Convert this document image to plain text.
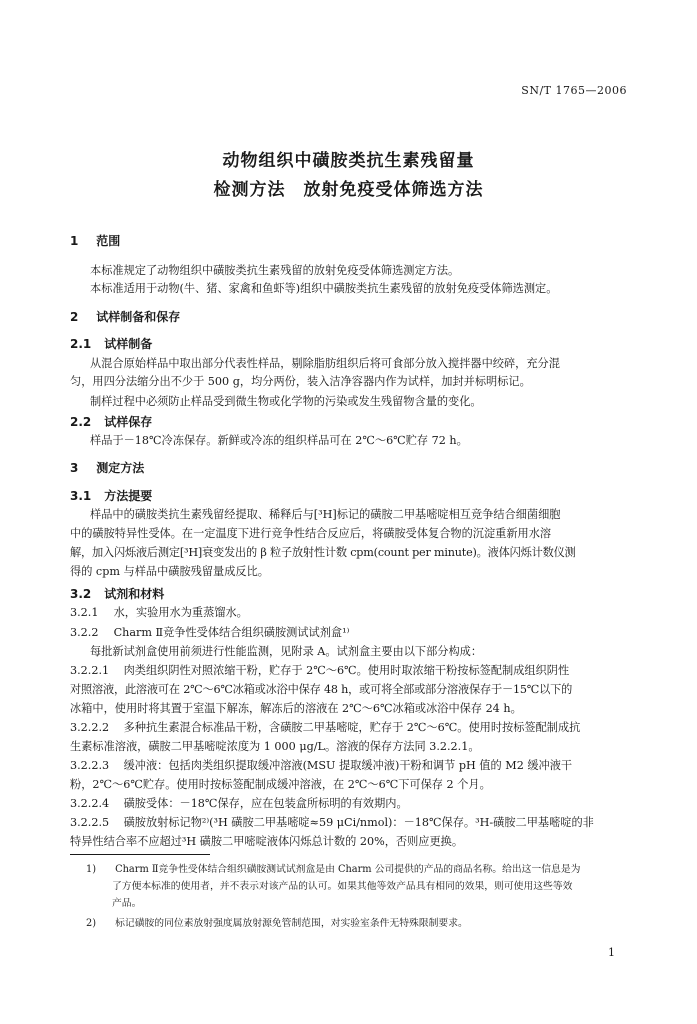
SN/T 1765—2006
动物组织中磺胺类抗生素残留量
检测方法　放射免疫受体筛选方法
1 范围
本标准规定了动物组织中磺胺类抗生素残留的放射免疫受体筛选测定方法。
本标准适用于动物(牛、猪、家禽和鱼虾等)组织中磺胺类抗生素残留的放射免疫受体筛选测定。
2 试样制备和保存
2.1 试样制备
从混合原始样品中取出部分代表性样品，剔除脂肪组织后将可食部分放入搅拌器中绞碎，充分混
匀，用四分法缩分出不少于 500 g，均分两份，装入洁净容器内作为试样，加封并标明标记。
制样过程中必须防止样品受到微生物或化学物的污染或发生残留物含量的变化。
2.2 试样保存
样品于－18℃冷冻保存。新鲜或冷冻的组织样品可在 2℃～6℃贮存 72 h。
3 测定方法
3.1 方法提要
样品中的磺胺类抗生素残留经提取、稀释后与[³H]标记的磺胺二甲基嘧啶相互竞争结合细菌细胞
中的磺胺特异性受体。在一定温度下进行竞争性结合反应后，将磺胺受体复合物的沉淀重新用水溶
解，加入闪烁液后测定[³H]衰变发出的 β 粒子放射性计数 cpm(count per minute)。液体闪烁计数仪测
得的 cpm 与样品中磺胺残留量成反比。
3.2 试剂和材料
3.2.1 水，实验用水为重蒸馏水。
3.2.2 Charm Ⅱ竞争性受体结合组织磺胺测试试剂盒¹⁾
每批新试剂盒使用前须进行性能监测，见附录 A。试剂盒主要由以下部分构成：
3.2.2.1 肉类组织阴性对照浓缩干粉，贮存于 2℃～6℃。使用时取浓缩干粉按标签配制成组织阴性
对照溶液，此溶液可在 2℃～6℃冰箱或冰浴中保存 48 h，或可将全部或部分溶液保存于－15℃以下的
冰箱中，使用时将其置于室温下解冻，解冻后的溶液在 2℃～6℃冰箱或冰浴中保存 24 h。
3.2.2.2 多种抗生素混合标准品干粉，含磺胺二甲基嘧啶，贮存于 2℃～6℃。使用时按标签配制成抗
生素标准溶液，磺胺二甲基嘧啶浓度为 1 000 μg/L。溶液的保存方法同 3.2.2.1。
3.2.2.3 缓冲液：包括肉类组织提取缓冲溶液(MSU 提取缓冲液)干粉和调节 pH 值的 M2 缓冲液干
粉，2℃～6℃贮存。使用时按标签配制成缓冲溶液，在 2℃～6℃下可保存 2 个月。
3.2.2.4 磺胺受体：－18℃保存，应在包装盒所标明的有效期内。
3.2.2.5 磺胺放射标记物²⁾(³H 磺胺二甲基嘧啶≈59 μCi/nmol)：－18℃保存。³H-磺胺二甲基嘧啶的非
特异性结合率不应超过³H 磺胺二甲嘧啶液体闪烁总计数的 20%，否则应更换。
1) Charm Ⅱ竞争性受体结合组织磺胺测试试剂盒是由 Charm 公司提供的产品的商品名称。给出这一信息是为
了方便本标准的使用者，并不表示对该产品的认可。如果其他等效产品具有相同的效果，则可使用这些等效
产品。
2) 标记磺胺的同位素放射强度属放射源免管制范围，对实验室条件无特殊限制要求。
1
